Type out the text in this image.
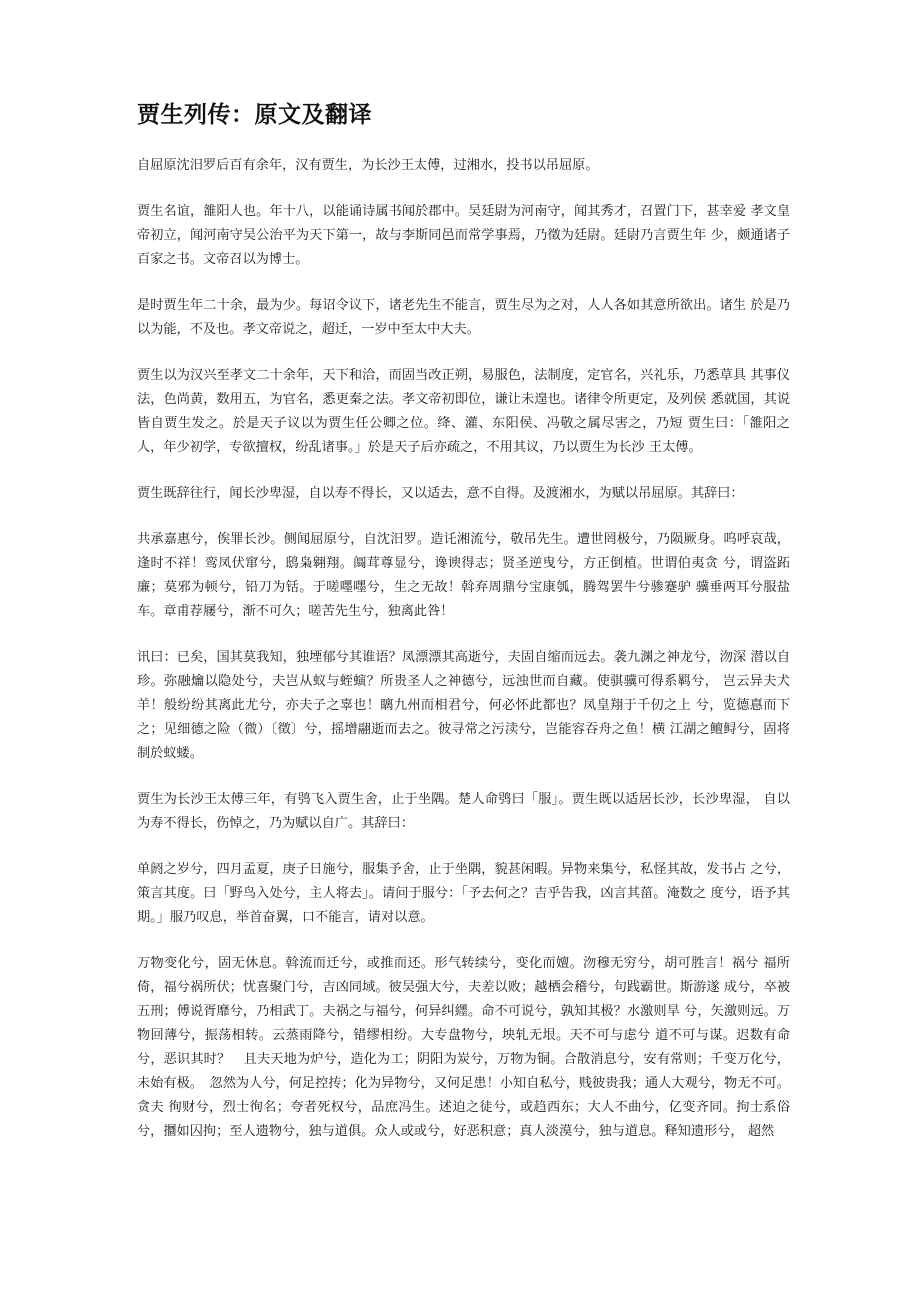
贾生列传：原文及翻译

自屈原沈汨罗后百有余年，汉有贾生，为长沙王太傅，过湘水，投书以吊屈原。

贾生名谊，雒阳人也。年十八，以能诵诗属书闻於郡中。吴廷尉为河南守，闻其秀才，召置门下，甚幸爱 孝文皇帝初立，闻河南守吴公治平为天下第一，故与李斯同邑而常学事焉，乃徵为廷尉。廷尉乃言贾生年 少，颇通诸子百家之书。文帝召以为博士。

是时贾生年二十余，最为少。每诏令议下，诸老先生不能言，贾生尽为之对，人人各如其意所欲出。诸生 於是乃以为能，不及也。孝文帝说之，超迁，一岁中至太中大夫。

贾生以为汉兴至孝文二十余年，天下和洽，而固当改正朔，易服色，法制度，定官名，兴礼乐，乃悉草具 其事仪法，色尚黄，数用五，为官名，悉更秦之法。孝文帝初即位，谦让未遑也。诸律令所更定，及列侯 悉就国，其说皆自贾生发之。於是天子议以为贾生任公卿之位。绛、灌、东阳侯、冯敬之属尽害之，乃短 贾生曰：「雒阳之人，年少初学，专欲擅权，纷乱诸事。」於是天子后亦疏之，不用其议，乃以贾生为长沙 王太傅。

贾生既辞往行，闻长沙卑湿，自以寿不得长，又以适去，意不自得。及渡湘水，为赋以吊屈原。其辞曰：

共承嘉惠兮，俟罪长沙。侧闻屈原兮，自沈汨罗。造讬湘流兮，敬吊先生。遭世罔极兮，乃陨厥身。呜呼哀哉，逢时不祥！鸾凤伏窜兮，鸱枭翱翔。阘茸尊显兮，谗谀得志；贤圣逆曳兮，方正倒植。世谓伯夷贪 兮，谓盗跖廉；莫邪为顿兮，铅刀为铦。于嗟嚜嚜兮，生之无故！斡弃周鼎兮宝康瓠，腾驾罢牛兮骖蹇驴 骥垂两耳兮服盐车。章甫荐屦兮，渐不可久；嗟苦先生兮，独离此咎！

讯曰：已矣，国其莫我知，独堙郁兮其谁语？凤漂漂其高逝兮，夫固自缩而远去。袭九渊之神龙兮，沕深 潜以自珍。弥融爚以隐处兮，夫岂从蚁与蛭螾？所贵圣人之神德兮，远浊世而自藏。使骐骥可得系羁兮， 岂云异夫犬羊！般纷纷其离此尤兮，亦夫子之辜也！瞝九州而相君兮，何必怀此都也？凤皇翔于千仞之上 兮，览德惪而下之；见细德之险（微）〔徵〕兮，摇增翮逝而去之。彼寻常之污渎兮，岂能容吞舟之鱼！横 江湖之鳣鲟兮，固将制於蚁蝼。

贾生为长沙王太傅三年，有鸮飞入贾生舍，止于坐隅。楚人命鸮曰「服」。贾生既以适居长沙，长沙卑湿， 自以为寿不得长，伤悼之，乃为赋以自广。其辞曰：

单阏之岁兮，四月孟夏，庚子日施兮，服集予舍，止于坐隅，貌甚闲暇。异物来集兮，私怪其故，发书占 之兮，策言其度。曰「野鸟入处兮，主人将去」。请问于服兮：「予去何之？吉乎告我，凶言其菑。淹数之 度兮，语予其期。」服乃叹息，举首奋翼，口不能言，请对以意。

万物变化兮，固无休息。斡流而迁兮，或推而还。形气转续兮，变化而嬗。沕穆无穷兮，胡可胜言！祸兮 福所倚，福兮祸所伏；忧喜聚门兮，吉凶同域。彼吴强大兮，夫差以败；越栖会稽兮，句践霸世。斯游遂 成兮，卒被五刑；傅说胥靡兮，乃相武丁。夫祸之与福兮，何异纠纆。命不可说兮，孰知其极？水激则旱 兮，矢激则远。万物回薄兮，振荡相转。云蒸雨降兮，错缪相纷。大专盘物兮，坱轧无垠。天不可与虑兮 道不可与谋。迟数有命兮，恶识其时？　且夫天地为炉兮，造化为工；阴阳为炭兮，万物为铜。合散消息兮，安有常则；千变万化兮，未始有极。　忽然为人兮，何足控抟；化为异物兮，又何足患！小知自私兮，贱彼贵我；通人大观兮，物无不可。贪夫 徇财兮，烈士徇名；夸者死权兮，品庶冯生。述迫之徒兮，或趋西东；大人不曲兮，亿变齐同。拘士系俗兮，攌如囚拘；至人遗物兮，独与道俱。众人或或兮，好恶积意；真人淡漠兮，独与道息。释知遗形兮， 超然
